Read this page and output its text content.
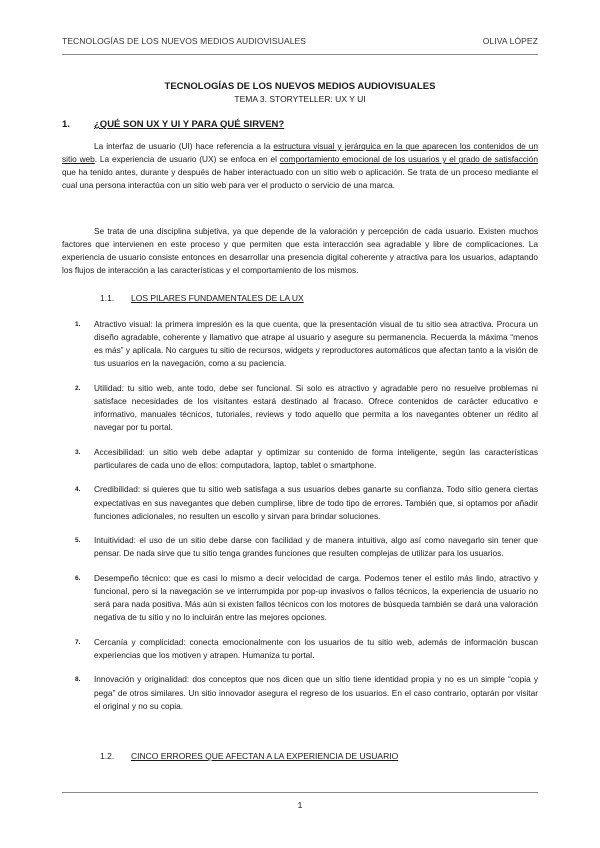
TECNOLOGÍAS DE LOS NUEVOS MEDIOS AUDIOVISUALES	OLIVA LÓPEZ
TECNOLOGÍAS DE LOS NUEVOS MEDIOS AUDIOVISUALES
TEMA 3. STORYTELLER: UX Y UI
1.	¿QUÉ SON UX Y UI Y PARA QUÉ SIRVEN?

La interfaz de usuario (UI) hace referencia a la estructura visual y jerárquica en la que aparecen los contenidos de un sitio web. La experiencia de usuario (UX) se enfoca en el comportamiento emocional de los usuarios y el grado de satisfacción que ha tenido antes, durante y después de haber interactuado con un sitio web o aplicación. Se trata de un proceso mediante el cual una persona interactúa con un sitio web para ver el producto o servicio de una marca.

Se trata de una disciplina subjetiva, ya que depende de la valoración y percepción de cada usuario. Existen muchos factores que intervienen en este proceso y que permiten que esta interacción sea agradable y libre de complicaciones. La experiencia de usuario consiste entonces en desarrollar una presencia digital coherente y atractiva para los usuarios, adaptando los flujos de interacción a las características y el comportamiento de los mismos.

1.1. LOS PILARES FUNDAMENTALES DE LA UX
1. Atractivo visual: la primera impresión es la que cuenta, que la presentación visual de tu sitio sea atractiva. Procura un diseño agradable, coherente y llamativo que atrape al usuario y asegure su permanencia. Recuerda la máxima “menos es más” y aplícala. No cargues tu sitio de recursos, widgets y reproductores automáticos que afectan tanto a la visión de tus usuarios en la navegación, como a su paciencia.
2. Utilidad: tu sitio web, ante todo, debe ser funcional. Si solo es atractivo y agradable pero no resuelve problemas ni satisface necesidades de los visitantes estará destinado al fracaso. Ofrece contenidos de carácter educativo e informativo, manuales técnicos, tutoriales, reviews y todo aquello que permita a los navegantes obtener un rédito al navegar por tu portal.
3. Accesibilidad: un sitio web debe adaptar y optimizar su contenido de forma inteligente, según las características particulares de cada uno de ellos: computadora, laptop, tablet o smartphone.
4. Credibilidad: si quieres que tu sitio web satisfaga a sus usuarios debes ganarte su confianza. Todo sitio genera ciertas expectativas en sus navegantes que deben cumplirse, libre de todo tipo de errores. También que, si optamos por añadir funciones adicionales, no resulten un escollo y sirvan para brindar soluciones.
5. Intuitividad: el uso de un sitio debe darse con facilidad y de manera intuitiva, algo así como navegarlo sin tener que pensar. De nada sirve que tu sitio tenga grandes funciones que resulten complejas de utilizar para los usuarios.
6. Desempeño técnico: que es casi lo mismo a decir velocidad de carga. Podemos tener el estilo más lindo, atractivo y funcional, pero si la navegación se ve interrumpida por pop-up invasivos o fallos técnicos, la experiencia de usuario no será para nada positiva. Más aún si existen fallos técnicos con los motores de búsqueda también se dará una valoración negativa de tu sitio y no lo incluirán entre las mejores opciones.
7. Cercanía y complicidad: conecta emocionalmente con los usuarios de tu sitio web, además de información buscan experiencias que los motiven y atrapen. Humaniza tu portal.
8. Innovación y originalidad: dos conceptos que nos dicen que un sitio tiene identidad propia y no es un simple “copia y pega” de otros similares. Un sitio innovador asegura el regreso de los usuarios. En el caso contrario, optarán por visitar el original y no su copia.
1.2. CINCO ERRORES QUE AFECTAN A LA EXPERIENCIA DE USUARIO
1
